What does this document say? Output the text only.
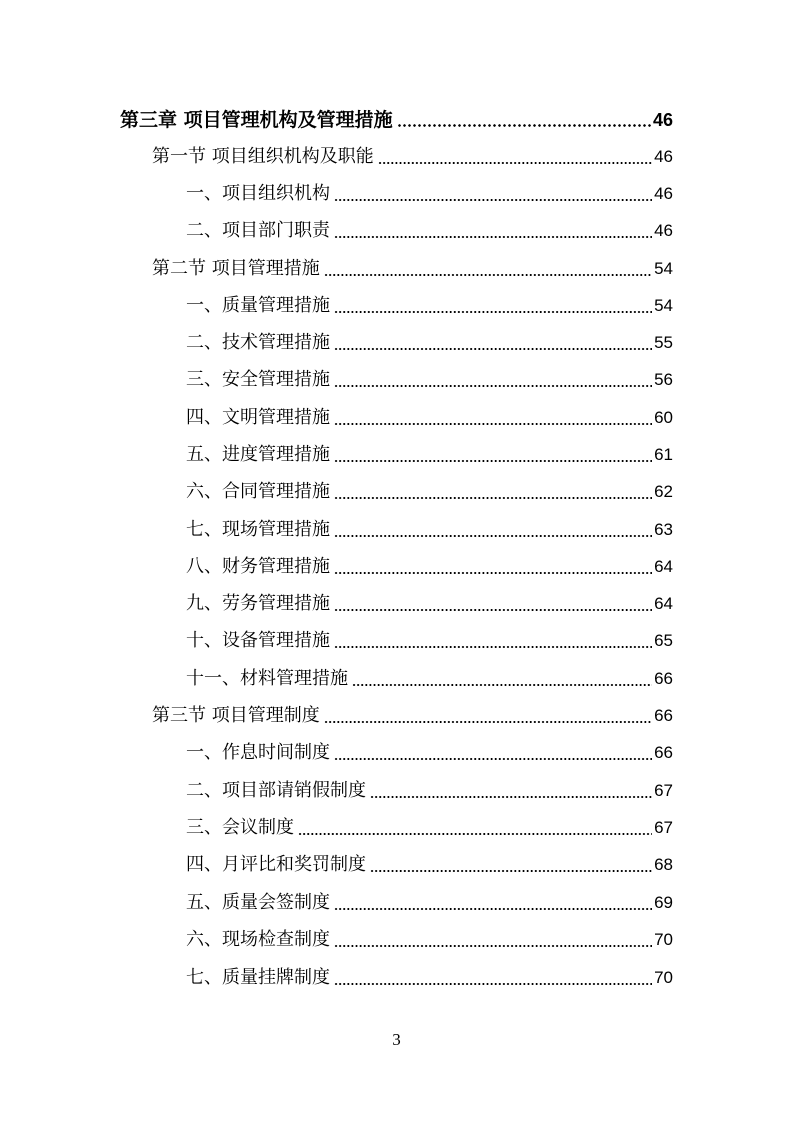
第三章 项目管理机构及管理措施	46
第一节 项目组织机构及职能	46
一、项目组织机构	46
二、项目部门职责	46
第二节 项目管理措施	54
一、质量管理措施	54
二、技术管理措施	55
三、安全管理措施	56
四、文明管理措施	60
五、进度管理措施	61
六、合同管理措施	62
七、现场管理措施	63
八、财务管理措施	64
九、劳务管理措施	64
十、设备管理措施	65
十一、材料管理措施	66
第三节 项目管理制度	66
一、作息时间制度	66
二、项目部请销假制度	67
三、会议制度	67
四、月评比和奖罚制度	68
五、质量会签制度	69
六、现场检查制度	70
七、质量挂牌制度	70
3
